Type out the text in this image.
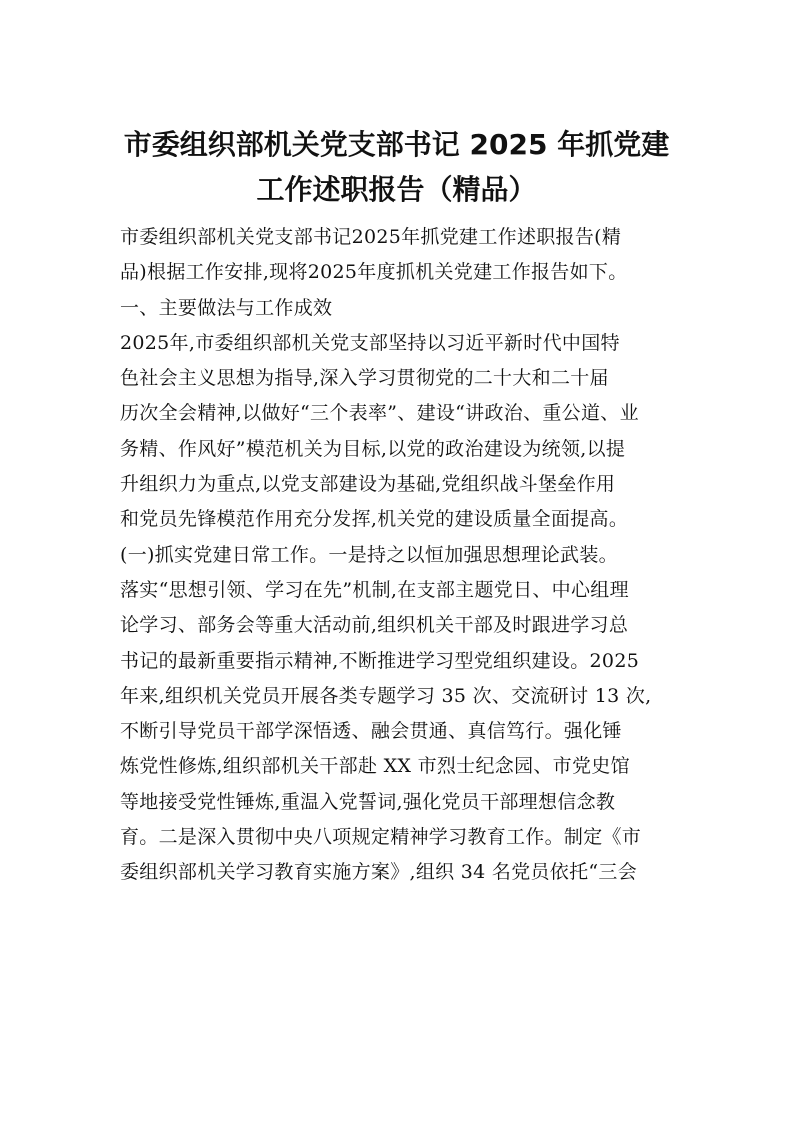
市委组织部机关党支部书记 2025 年抓党建
工作述职报告（精品）
市委组织部机关党支部书记2025年抓党建工作述职报告(精
品)根据工作安排,现将2025年度抓机关党建工作报告如下。
一、主要做法与工作成效
2025年,市委组织部机关党支部坚持以习近平新时代中国特
色社会主义思想为指导,深入学习贯彻党的二十大和二十届
历次全会精神,以做好“三个表率”、建设“讲政治、重公道、业
务精、作风好”模范机关为目标,以党的政治建设为统领,以提
升组织力为重点,以党支部建设为基础,党组织战斗堡垒作用
和党员先锋模范作用充分发挥,机关党的建设质量全面提高。
(一)抓实党建日常工作。一是持之以恒加强思想理论武装。
落实“思想引领、学习在先”机制,在支部主题党日、中心组理
论学习、部务会等重大活动前,组织机关干部及时跟进学习总
书记的最新重要指示精神,不断推进学习型党组织建设。2025
年来,组织机关党员开展各类专题学习 35 次、交流研讨 13 次,
不断引导党员干部学深悟透、融会贯通、真信笃行。强化锤
炼党性修炼,组织部机关干部赴 XX 市烈士纪念园、市党史馆
等地接受党性锤炼,重温入党誓词,强化党员干部理想信念教
育。二是深入贯彻中央八项规定精神学习教育工作。制定《市
委组织部机关学习教育实施方案》,组织 34 名党员依托“三会
